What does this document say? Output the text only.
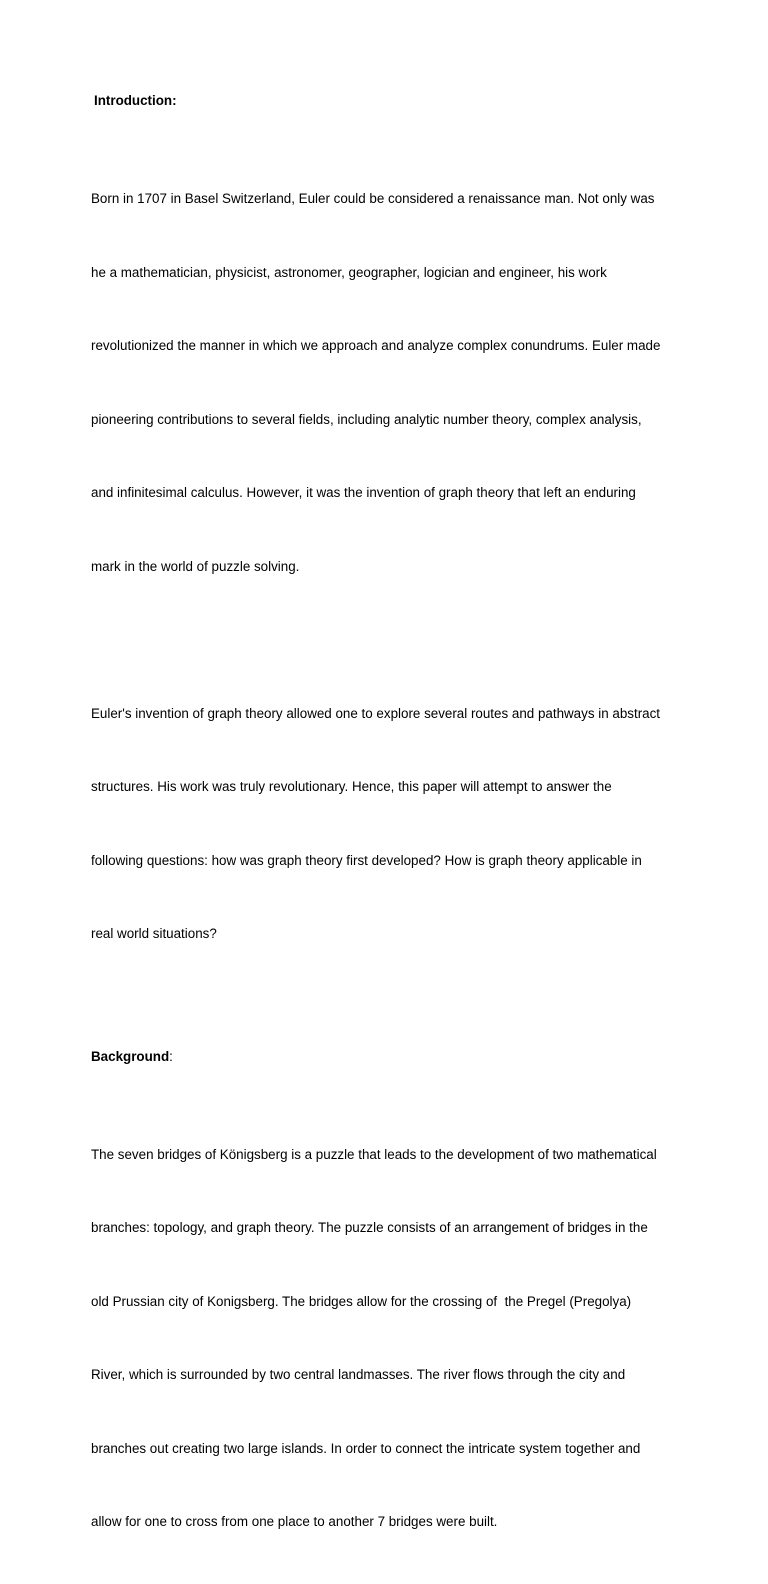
Introduction:

Born in 1707 in Basel Switzerland, Euler could be considered a renaissance man. Not only was

he a mathematician, physicist, astronomer, geographer, logician and engineer, his work

revolutionized the manner in which we approach and analyze complex conundrums. Euler made

pioneering contributions to several fields, including analytic number theory, complex analysis,

and infinitesimal calculus. However, it was the invention of graph theory that left an enduring

mark in the world of puzzle solving.

Euler's invention of graph theory allowed one to explore several routes and pathways in abstract

structures. His work was truly revolutionary. Hence, this paper will attempt to answer the

following questions: how was graph theory first developed? How is graph theory applicable in

real world situations?

Background:

The seven bridges of Königsberg is a puzzle that leads to the development of two mathematical

branches: topology, and graph theory. The puzzle consists of an arrangement of bridges in the

old Prussian city of Konigsberg. The bridges allow for the crossing of  the Pregel (Pregolya)

River, which is surrounded by two central landmasses. The river flows through the city and

branches out creating two large islands. In order to connect the intricate system together and

allow for one to cross from one place to another 7 bridges were built.
